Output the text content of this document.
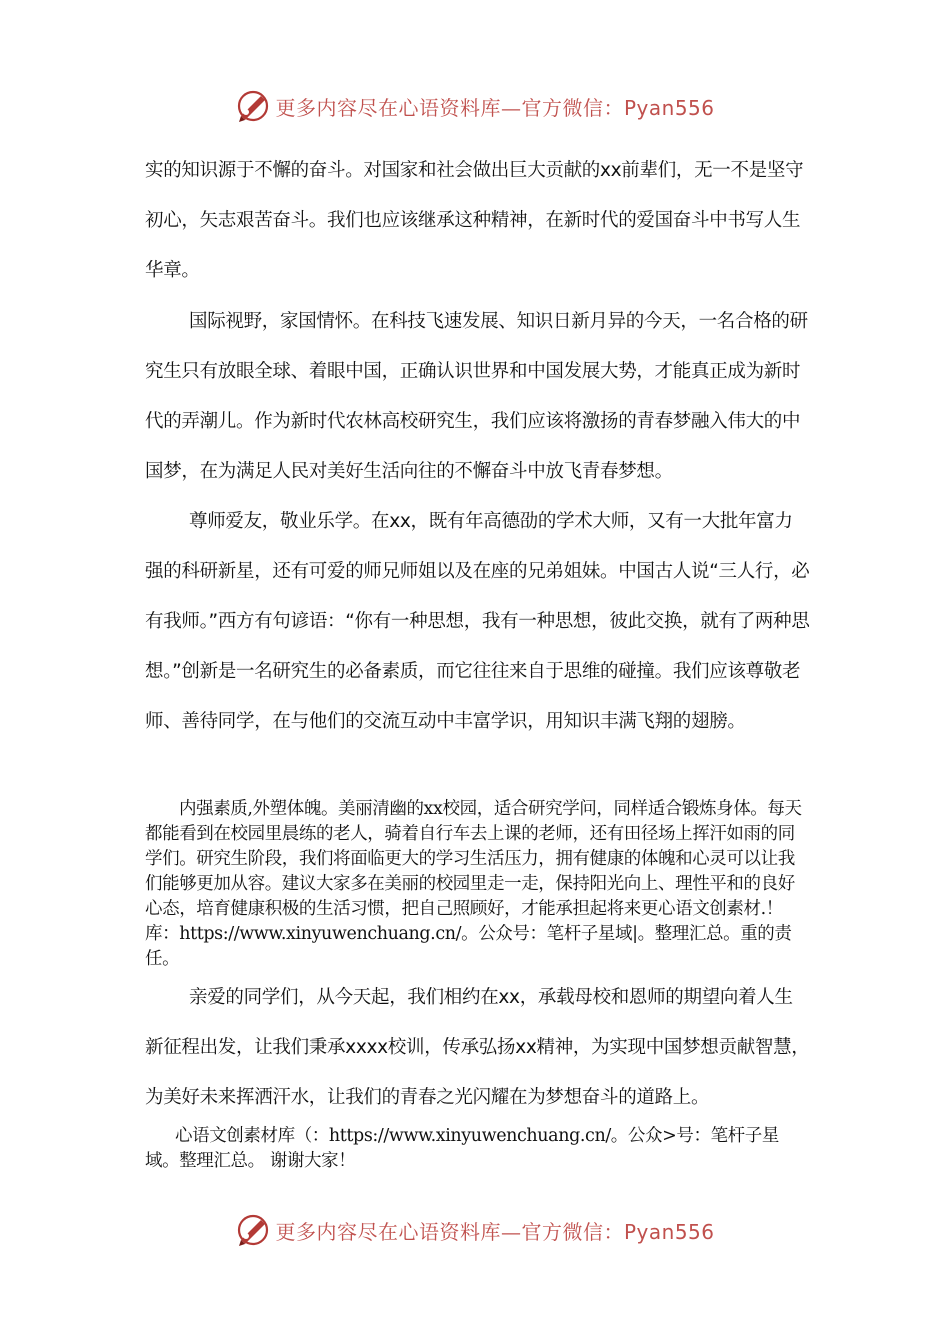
更多内容尽在心语资料库—官方微信：Pyan556

实的知识源于不懈的奋斗。对国家和社会做出巨大贡献的xx前辈们，无一不是坚守初心，矢志艰苦奋斗。我们也应该继承这种精神，在新时代的爱国奋斗中书写人生华章。

国际视野，家国情怀。在科技飞速发展、知识日新月异的今天，一名合格的研究生只有放眼全球、着眼中国，正确认识世界和中国发展大势，才能真正成为新时代的弄潮儿。作为新时代农林高校研究生，我们应该将激扬的青春梦融入伟大的中国梦，在为满足人民对美好生活向往的不懈奋斗中放飞青春梦想。

尊师爱友，敬业乐学。在xx，既有年高德劭的学术大师，又有一大批年富力强的科研新星，还有可爱的师兄师姐以及在座的兄弟姐妹。中国古人说“三人行，必有我师。”西方有句谚语：“你有一种思想，我有一种思想，彼此交换，就有了两种思想。”创新是一名研究生的必备素质，而它往往来自于思维的碰撞。我们应该尊敬老师、善待同学，在与他们的交流互动中丰富学识，用知识丰满飞翔的翅膀。

内强素质,外塑体魄。美丽清幽的xx校园，适合研究学问，同样适合锻炼身体。每天都能看到在校园里晨练的老人，骑着自行车去上课的老师，还有田径场上挥汗如雨的同学们。研究生阶段，我们将面临更大的学习生活压力，拥有健康的体魄和心灵可以让我们能够更加从容。建议大家多在美丽的校园里走一走，保持阳光向上、理性平和的良好心态，培育健康积极的生活习惯，把自己照顾好，才能承担起将来更心语文创素材.！库：https://www.xinyuwenchuang.cn/。公众号：笔杆子星域|。整理汇总。重的责任。

亲爱的同学们，从今天起，我们相约在xx，承载母校和恩师的期望向着人生新征程出发，让我们秉承xxxx校训，传承弘扬xx精神，为实现中国梦想贡献智慧，为美好未来挥洒汗水，让我们的青春之光闪耀在为梦想奋斗的道路上。

心语文创素材库（：https://www.xinyuwenchuang.cn/。公众>号：笔杆子星域。整理汇总。 谢谢大家！

更多内容尽在心语资料库—官方微信：Pyan556
